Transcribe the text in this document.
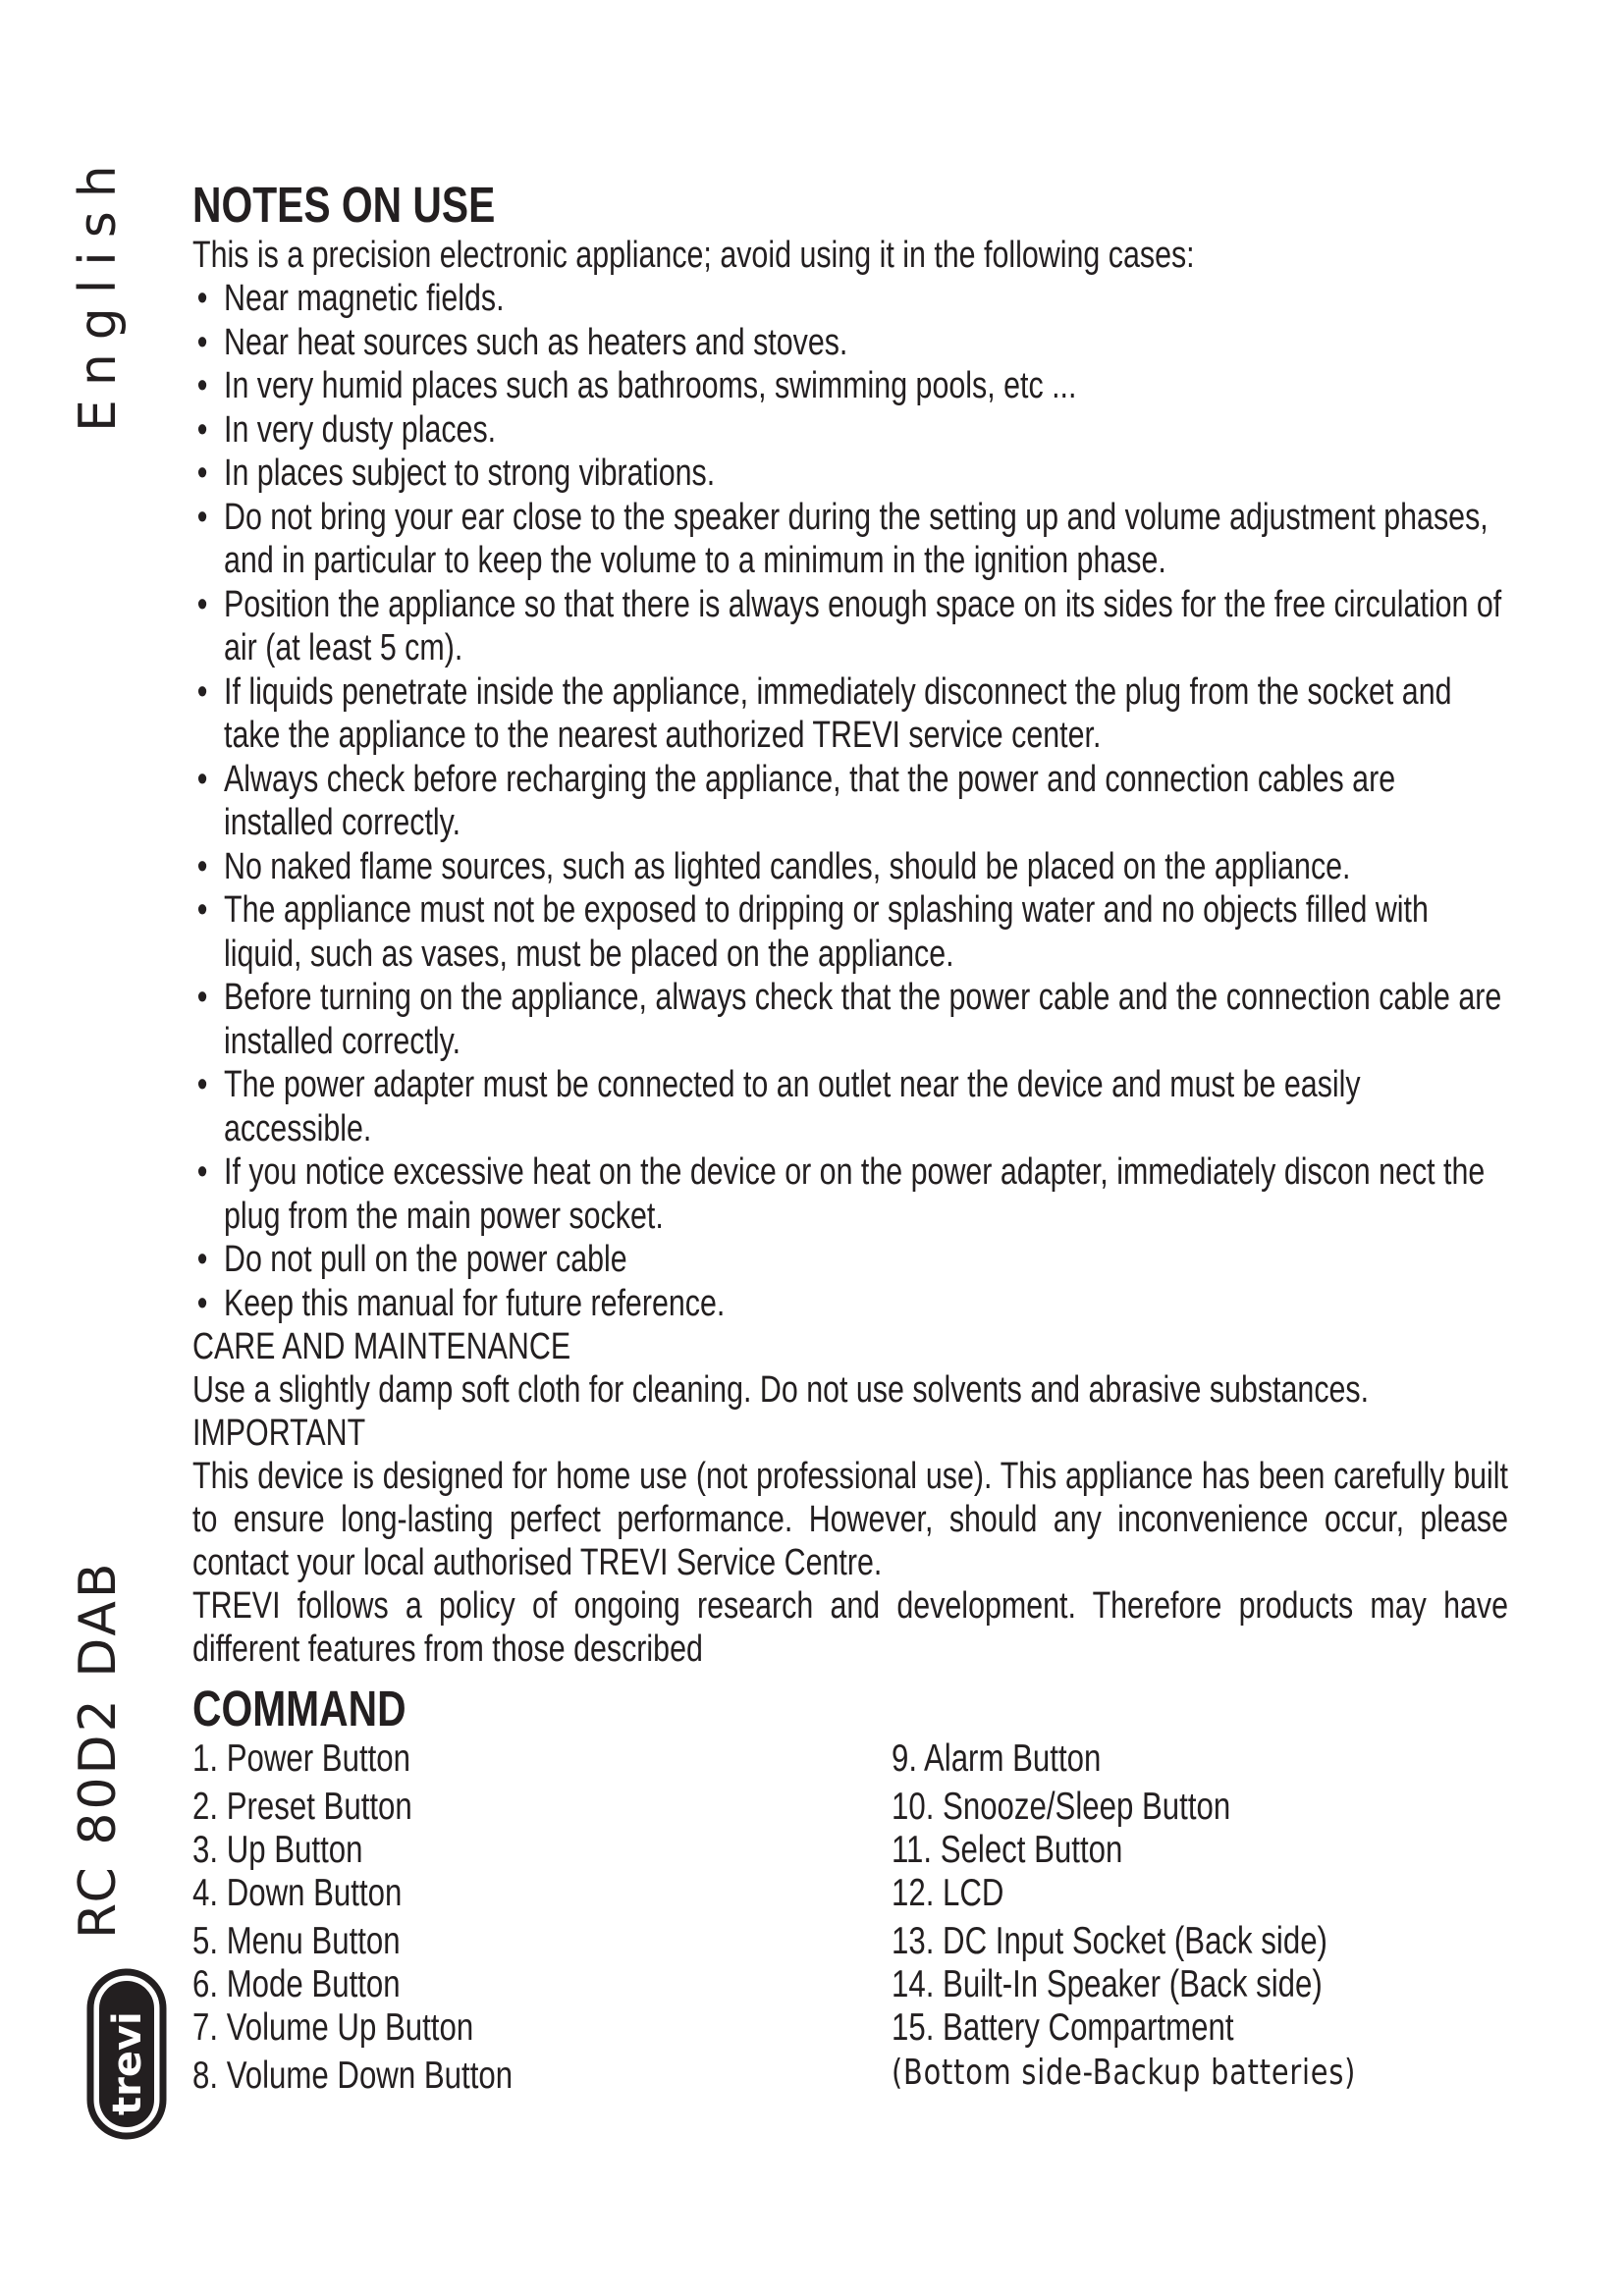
English
RC 80D2 DAB
trevi
NOTES ON USE

This is a precision electronic appliance; avoid using it in the following cases:

• Near magnetic fields.
• Near heat sources such as heaters and stoves.
• In very humid places such as bathrooms, swimming pools, etc ...
• In very dusty places.
• In places subject to strong vibrations.
• Do not bring your ear close to the speaker during the setting up and volume adjustment phases, and in particular to keep the volume to a minimum in the ignition phase.
• Position the appliance so that there is always enough space on its sides for the free circulation of air (at least 5 cm).
• If liquids penetrate inside the appliance, immediately disconnect the plug from the socket and take the appliance to the nearest authorized TREVI service center.
• Always check before recharging the appliance, that the power and connection cables are installed correctly.
• No naked flame sources, such as lighted candles, should be placed on the appliance.
• The appliance must not be exposed to dripping or splashing water and no objects filled with liquid, such as vases, must be placed on the appliance.
• Before turning on the appliance, always check that the power cable and the connection cable are installed correctly.
• The power adapter must be connected to an outlet near the device and must be easily accessible.
• If you notice excessive heat on the device or on the power adapter, immediately discon nect the plug from the main power socket.
• Do not pull on the power cable
• Keep this manual for future reference.

CARE AND MAINTENANCE

Use a slightly damp soft cloth for cleaning. Do not use solvents and abrasive substances.

IMPORTANT

This device is designed for home use (not professional use). This appliance has been carefully built to ensure long-lasting perfect performance. However, should any inconvenience occur, please contact your local authorised TREVI Service Centre.

TREVI follows a policy of ongoing research and development. Therefore products may have different features from those described

COMMAND
1. Power Button
2. Preset Button
3. Up Button
4. Down Button
5. Menu Button
6. Mode Button
7. Volume Up Button
8. Volume Down Button
9. Alarm Button
10. Snooze/Sleep Button
11. Select Button
12. LCD
13. DC Input Socket (Back side)
14. Built-In Speaker (Back side)
15. Battery Compartment
(Bottom side-Backup batteries)
